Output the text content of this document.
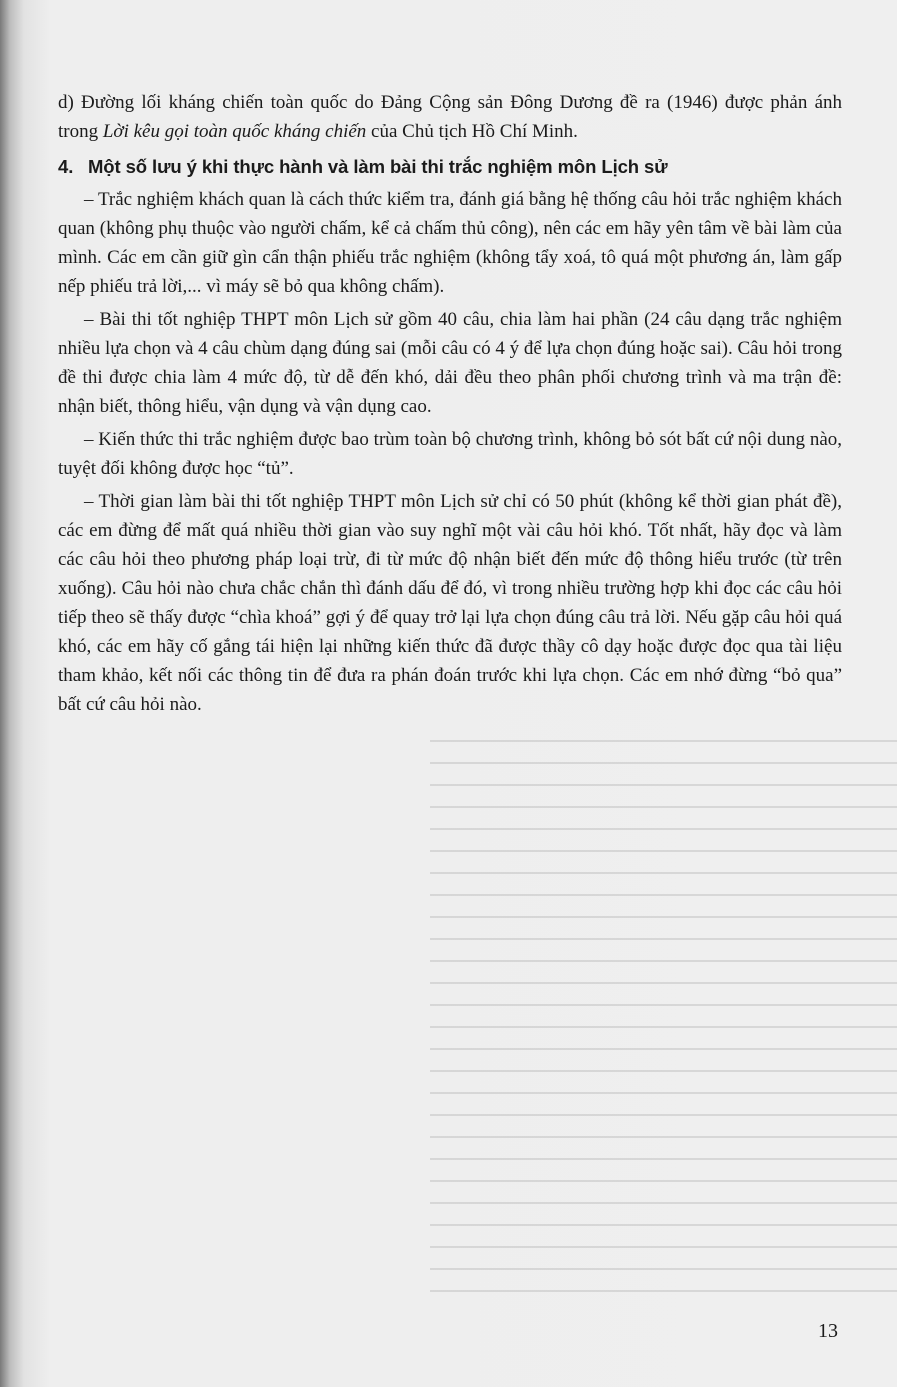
d) Đường lối kháng chiến toàn quốc do Đảng Cộng sản Đông Dương đề ra (1946) được phản ánh trong Lời kêu gọi toàn quốc kháng chiến của Chủ tịch Hồ Chí Minh.

4. Một số lưu ý khi thực hành và làm bài thi trắc nghiệm môn Lịch sử

– Trắc nghiệm khách quan là cách thức kiểm tra, đánh giá bằng hệ thống câu hỏi trắc nghiệm khách quan (không phụ thuộc vào người chấm, kể cả chấm thủ công), nên các em hãy yên tâm về bài làm của mình. Các em cần giữ gìn cẩn thận phiếu trắc nghiệm (không tẩy xoá, tô quá một phương án, làm gấp nếp phiếu trả lời,... vì máy sẽ bỏ qua không chấm).

– Bài thi tốt nghiệp THPT môn Lịch sử gồm 40 câu, chia làm hai phần (24 câu dạng trắc nghiệm nhiều lựa chọn và 4 câu chùm dạng đúng sai (mỗi câu có 4 ý để lựa chọn đúng hoặc sai). Câu hỏi trong đề thi được chia làm 4 mức độ, từ dễ đến khó, dải đều theo phân phối chương trình và ma trận đề: nhận biết, thông hiểu, vận dụng và vận dụng cao.

– Kiến thức thi trắc nghiệm được bao trùm toàn bộ chương trình, không bỏ sót bất cứ nội dung nào, tuyệt đối không được học “tủ”.

– Thời gian làm bài thi tốt nghiệp THPT môn Lịch sử chỉ có 50 phút (không kể thời gian phát đề), các em đừng để mất quá nhiều thời gian vào suy nghĩ một vài câu hỏi khó. Tốt nhất, hãy đọc và làm các câu hỏi theo phương pháp loại trừ, đi từ mức độ nhận biết đến mức độ thông hiểu trước (từ trên xuống). Câu hỏi nào chưa chắc chắn thì đánh dấu để đó, vì trong nhiều trường hợp khi đọc các câu hỏi tiếp theo sẽ thấy được “chìa khoá” gợi ý để quay trở lại lựa chọn đúng câu trả lời. Nếu gặp câu hỏi quá khó, các em hãy cố gắng tái hiện lại những kiến thức đã được thầy cô dạy hoặc được đọc qua tài liệu tham khảo, kết nối các thông tin để đưa ra phán đoán trước khi lựa chọn. Các em nhớ đừng “bỏ qua” bất cứ câu hỏi nào.

13
